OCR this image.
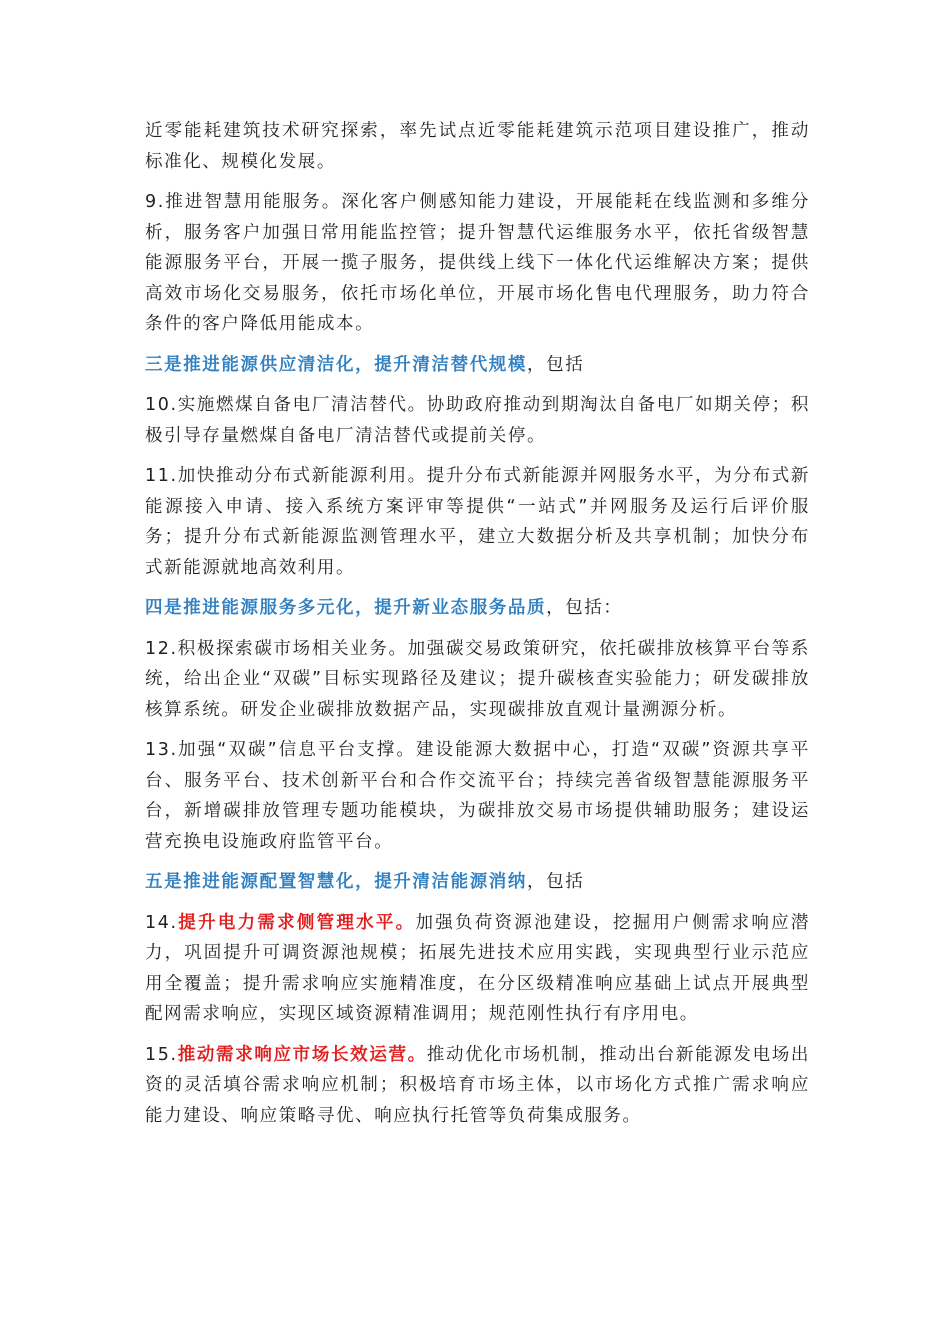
近零能耗建筑技术研究探索，率先试点近零能耗建筑示范项目建设推广，推动标准化、规模化发展。

9.推进智慧用能服务。深化客户侧感知能力建设，开展能耗在线监测和多维分析，服务客户加强日常用能监控管；提升智慧代运维服务水平，依托省级智慧能源服务平台，开展一揽子服务，提供线上线下一体化代运维解决方案；提供高效市场化交易服务，依托市场化单位，开展市场化售电代理服务，助力符合条件的客户降低用能成本。

三是推进能源供应清洁化，提升清洁替代规模，包括

10.实施燃煤自备电厂清洁替代。协助政府推动到期淘汰自备电厂如期关停；积极引导存量燃煤自备电厂清洁替代或提前关停。

11.加快推动分布式新能源利用。提升分布式新能源并网服务水平，为分布式新能源接入申请、接入系统方案评审等提供“一站式”并网服务及运行后评价服务；提升分布式新能源监测管理水平，建立大数据分析及共享机制；加快分布式新能源就地高效利用。

四是推进能源服务多元化，提升新业态服务品质，包括：

12.积极探索碳市场相关业务。加强碳交易政策研究，依托碳排放核算平台等系统，给出企业“双碳”目标实现路径及建议；提升碳核查实验能力；研发碳排放核算系统。研发企业碳排放数据产品，实现碳排放直观计量溯源分析。

13.加强“双碳”信息平台支撑。建设能源大数据中心，打造“双碳”资源共享平台、服务平台、技术创新平台和合作交流平台；持续完善省级智慧能源服务平台，新增碳排放管理专题功能模块，为碳排放交易市场提供辅助服务；建设运营充换电设施政府监管平台。

五是推进能源配置智慧化，提升清洁能源消纳，包括

14.提升电力需求侧管理水平。加强负荷资源池建设，挖掘用户侧需求响应潜力，巩固提升可调资源池规模；拓展先进技术应用实践，实现典型行业示范应用全覆盖；提升需求响应实施精准度，在分区级精准响应基础上试点开展典型配网需求响应，实现区域资源精准调用；规范刚性执行有序用电。

15.推动需求响应市场长效运营。推动优化市场机制，推动出台新能源发电场出资的灵活填谷需求响应机制；积极培育市场主体，以市场化方式推广需求响应能力建设、响应策略寻优、响应执行托管等负荷集成服务。
